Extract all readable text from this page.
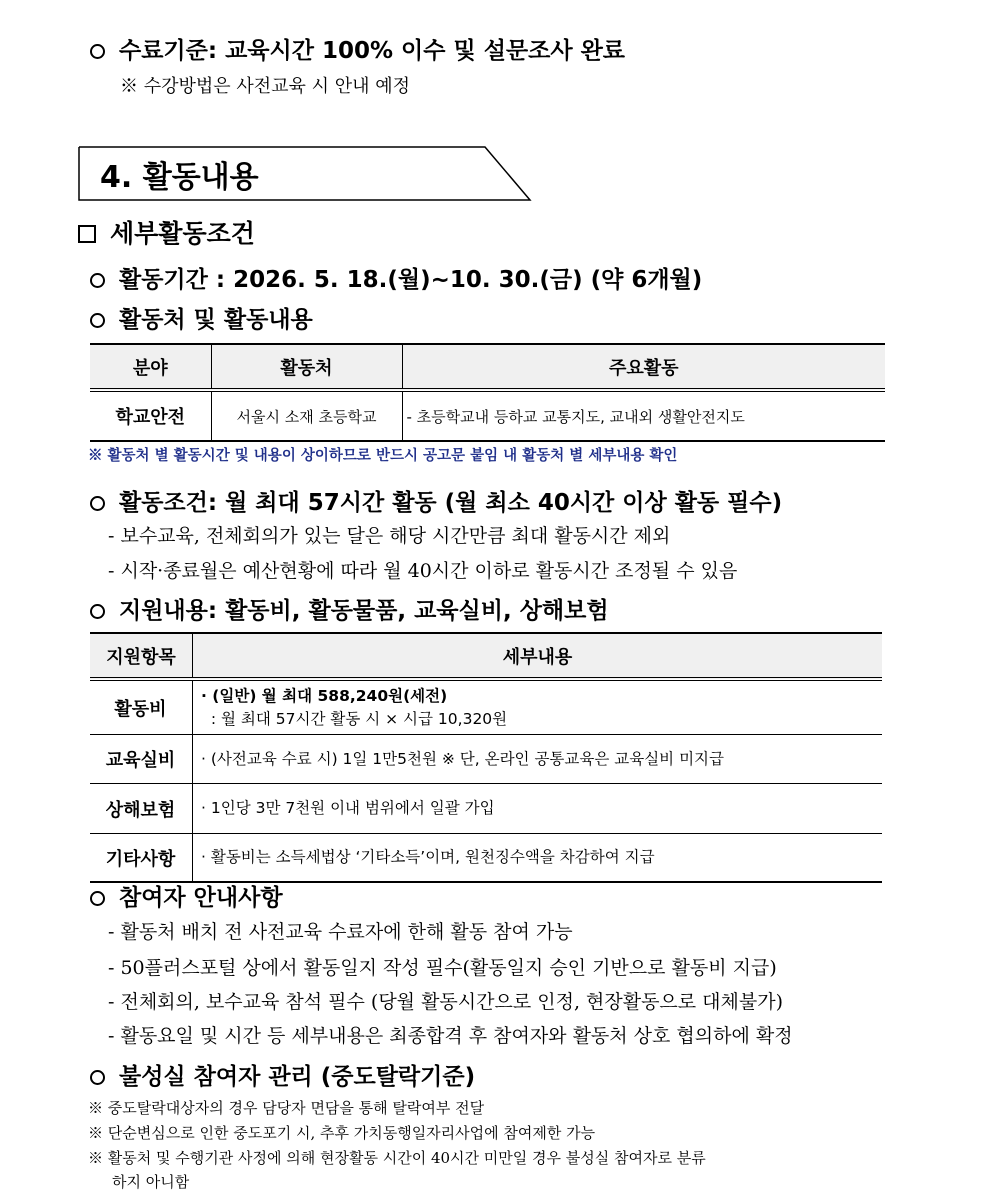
수료기준: 교육시간 100% 이수 및 설문조사 완료
※ 수강방법은 사전교육 시 안내 예정
4. 활동내용
세부활동조건
활동기간 : 2026. 5. 18.(월)~10. 30.(금) (약 6개월)
활동처 및 활동내용
분야	활동처	주요활동
학교안전	서울시 소재 초등학교	- 초등학교내 등하교 교통지도, 교내외 생활안전지도
※ 활동처 별 활동시간 및 내용이 상이하므로 반드시 공고문 붙임 내 활동처 별 세부내용 확인
활동조건: 월 최대 57시간 활동 (월 최소 40시간 이상 활동 필수)
- 보수교육, 전체회의가 있는 달은 해당 시간만큼 최대 활동시간 제외
- 시작·종료월은 예산현황에 따라 월 40시간 이하로 활동시간 조정될 수 있음
지원내용: 활동비, 활동물품, 교육실비, 상해보험
지원항목	세부내용
활동비	· (일반) 월 최대 588,240원(세전)
: 월 최대 57시간 활동 시 × 시급 10,320원

교육실비	· (사전교육 수료 시) 1일 1만5천원 ※ 단, 온라인 공통교육은 교육실비 미지급
상해보험	· 1인당 3만 7천원 이내 범위에서 일괄 가입
기타사항	· 활동비는 소득세법상 ‘기타소득’이며, 원천징수액을 차감하여 지급
참여자 안내사항
- 활동처 배치 전 사전교육 수료자에 한해 활동 참여 가능
- 50플러스포털 상에서 활동일지 작성 필수(활동일지 승인 기반으로 활동비 지급)
- 전체회의, 보수교육 참석 필수 (당월 활동시간으로 인정, 현장활동으로 대체불가)
- 활동요일 및 시간 등 세부내용은 최종합격 후 참여자와 활동처 상호 협의하에 확정
불성실 참여자 관리 (중도탈락기준)
※ 중도탈락대상자의 경우 담당자 면담을 통해 탈락여부 전달
※ 단순변심으로 인한 중도포기 시, 추후 가치동행일자리사업에 참여제한 가능
※ 활동처 및 수행기관 사정에 의해 현장활동 시간이 40시간 미만일 경우 불성실 참여자로 분류
하지 아니함
